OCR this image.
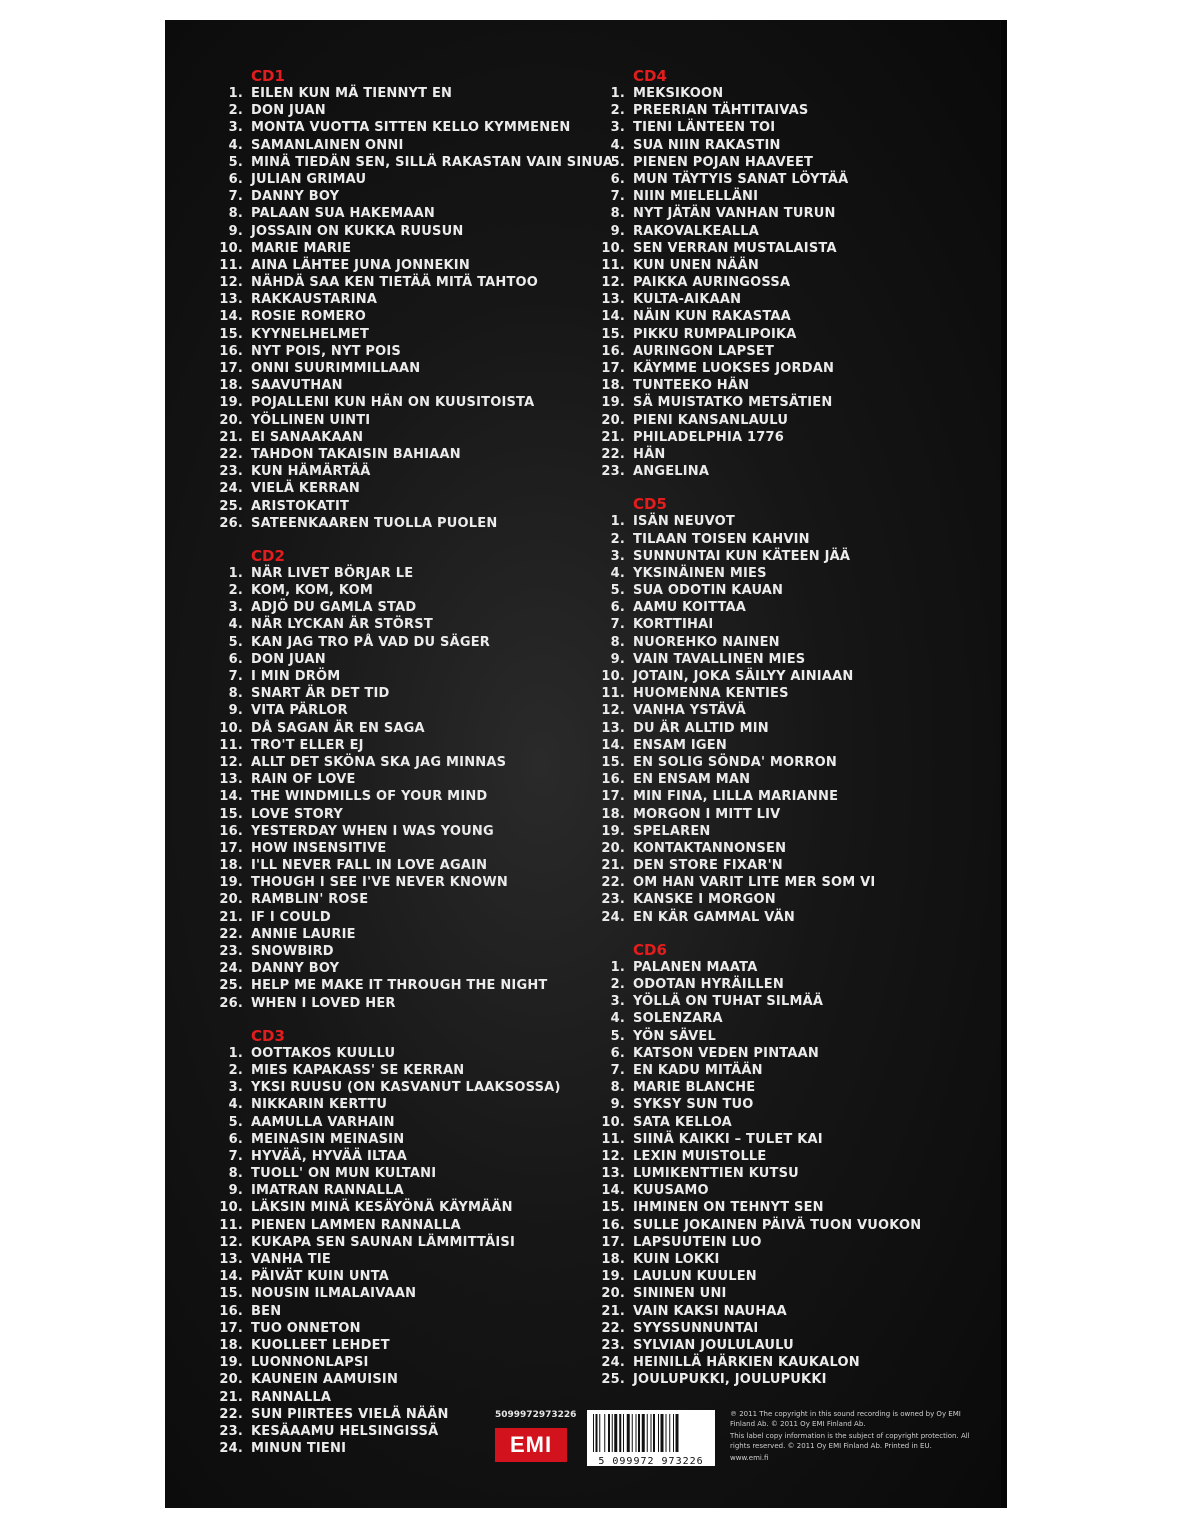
CD1
1. EILEN KUN MÄ TIENNYT EN
2. DON JUAN
3. MONTA VUOTTA SITTEN KELLO KYMMENEN
4. SAMANLAINEN ONNI
5. MINÄ TIEDÄN SEN, SILLÄ RAKASTAN VAIN SINUA
6. JULIAN GRIMAU
7. DANNY BOY
8. PALAAN SUA HAKEMAAN
9. JOSSAIN ON KUKKA RUUSUN
10. MARIE MARIE
11. AINA LÄHTEE JUNA JONNEKIN
12. NÄHDÄ SAA KEN TIETÄÄ MITÄ TAHTOO
13. RAKKAUSTARINA
14. ROSIE ROMERO
15. KYYNELHELMET
16. NYT POIS, NYT POIS
17. ONNI SUURIMMILLAAN
18. SAAVUTHAN
19. POJALLENI KUN HÄN ON KUUSITOISTA
20. YÖLLINEN UINTI
21. EI SANAAKAAN
22. TAHDON TAKAISIN BAHIAAN
23. KUN HÄMÄRTÄÄ
24. VIELÄ KERRAN
25. ARISTOKATIT
26. SATEENKAAREN TUOLLA PUOLEN
CD2
1. NÄR LIVET BÖRJAR LE
2. KOM, KOM, KOM
3. ADJÖ DU GAMLA STAD
4. NÄR LYCKAN ÄR STÖRST
5. KAN JAG TRO PÅ VAD DU SÄGER
6. DON JUAN
7. I MIN DRÖM
8. SNART ÄR DET TID
9. VITA PÄRLOR
10. DÅ SAGAN ÄR EN SAGA
11. TRO'T ELLER EJ
12. ALLT DET SKÖNA SKA JAG MINNAS
13. RAIN OF LOVE
14. THE WINDMILLS OF YOUR MIND
15. LOVE STORY
16. YESTERDAY WHEN I WAS YOUNG
17. HOW INSENSITIVE
18. I'LL NEVER FALL IN LOVE AGAIN
19. THOUGH I SEE I'VE NEVER KNOWN
20. RAMBLIN' ROSE
21. IF I COULD
22. ANNIE LAURIE
23. SNOWBIRD
24. DANNY BOY
25. HELP ME MAKE IT THROUGH THE NIGHT
26. WHEN I LOVED HER
CD3
1. OOTTAKOS KUULLU
2. MIES KAPAKASS' SE KERRAN
3. YKSI RUUSU (ON KASVANUT LAAKSOSSA)
4. NIKKARIN KERTTU
5. AAMULLA VARHAIN
6. MEINASIN MEINASIN
7. HYVÄÄ, HYVÄÄ ILTAA
8. TUOLL' ON MUN KULTANI
9. IMATRAN RANNALLA
10. LÄKSIN MINÄ KESÄYÖNÄ KÄYMÄÄN
11. PIENEN LAMMEN RANNALLA
12. KUKAPA SEN SAUNAN LÄMMITTÄISI
13. VANHA TIE
14. PÄIVÄT KUIN UNTA
15. NOUSIN ILMALAIVAAN
16. BEN
17. TUO ONNETON
18. KUOLLEET LEHDET
19. LUONNONLAPSI
20. KAUNEIN AAMUISIN
21. RANNALLA
22. SUN PIIRTEES VIELÄ NÄÄN
23. KESÄAAMU HELSINGISSÄ
24. MINUN TIENI
CD4
1. MEKSIKOON
2. PREERIAN TÄHTITAIVAS
3. TIENI LÄNTEEN TOI
4. SUA NIIN RAKASTIN
5. PIENEN POJAN HAAVEET
6. MUN TÄYTYIS SANAT LÖYTÄÄ
7. NIIN MIELELLÄNI
8. NYT JÄTÄN VANHAN TURUN
9. RAKOVALKEALLA
10. SEN VERRAN MUSTALAISTA
11. KUN UNEN NÄÄN
12. PAIKKA AURINGOSSA
13. KULTA-AIKAAN
14. NÄIN KUN RAKASTAA
15. PIKKU RUMPALIPOIKA
16. AURINGON LAPSET
17. KÄYMME LUOKSES JORDAN
18. TUNTEEKO HÄN
19. SÄ MUISTATKO METSÄTIEN
20. PIENI KANSANLAULU
21. PHILADELPHIA 1776
22. HÄN
23. ANGELINA
CD5
1. ISÄN NEUVOT
2. TILAAN TOISEN KAHVIN
3. SUNNUNTAI KUN KÄTEEN JÄÄ
4. YKSINÄINEN MIES
5. SUA ODOTIN KAUAN
6. AAMU KOITTAA
7. KORTTIHAI
8. NUOREHKO NAINEN
9. VAIN TAVALLINEN MIES
10. JOTAIN, JOKA SÄILYY AINIAAN
11. HUOMENNA KENTIES
12. VANHA YSTÄVÄ
13. DU ÄR ALLTID MIN
14. ENSAM IGEN
15. EN SOLIG SÖNDA' MORRON
16. EN ENSAM MAN
17. MIN FINA, LILLA MARIANNE
18. MORGON I MITT LIV
19. SPELAREN
20. KONTAKTANNONSEN
21. DEN STORE FIXAR'N
22. OM HAN VARIT LITE MER SOM VI
23. KANSKE I MORGON
24. EN KÄR GAMMAL VÄN
CD6
1. PALANEN MAATA
2. ODOTAN HYRÄILLEN
3. YÖLLÄ ON TUHAT SILMÄÄ
4. SOLENZARA
5. YÖN SÄVEL
6. KATSON VEDEN PINTAAN
7. EN KADU MITÄÄN
8. MARIE BLANCHE
9. SYKSY SUN TUO
10. SATA KELLOA
11. SIINÄ KAIKKI – TULET KAI
12. LEXIN MUISTOLLE
13. LUMIKENTTIEN KUTSU
14. KUUSAMO
15. IHMINEN ON TEHNYT SEN
16. SULLE JOKAINEN PÄIVÄ TUON VUOKON
17. LAPSUUTEIN LUO
18. KUIN LOKKI
19. LAULUN KUULEN
20. SININEN UNI
21. VAIN KAKSI NAUHAA
22. SYYSSUNNUNTAI
23. SYLVIAN JOULULAULU
24. HEINILLÄ HÄRKIEN KAUKALON
25. JOULUPUKKI, JOULUPUKKI
5099972973226
EMI
5 099972 973226

℗ 2011 The copyright in this sound recording is owned by Oy EMI Finland Ab. © 2011 Oy EMI Finland Ab.

This label copy information is the subject of copyright protection. All rights reserved. © 2011 Oy EMI Finland Ab. Printed in EU.

www.emi.fi
